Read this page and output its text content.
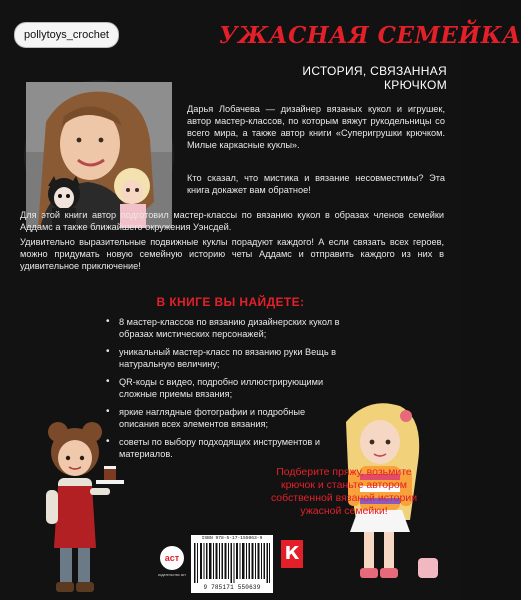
pollytoys_crochet	УЖАСНАЯ СЕМЕЙКА
ИСТОРИЯ, СВЯЗАННАЯ
КРЮЧКОМ

Дарья Лобачева — дизайнер вязаных кукол и игрушек, автор мастер-классов, по которым вяжут рукодельницы со всего мира, а также автор книги «Суперигрушки крючком. Милые каркасные куклы».

Кто сказал, что мистика и вязание несовместимы? Эта книга докажет вам обратное!

Для этой книги автор подготовил мастер-классы по вязанию кукол в образах членов семейки Аддамс а также ближайшего окружения Уэнсдей.

Удивительно выразительные подвижные куклы порадуют каждого! А если связать всех героев, можно придумать новую семейную историю четы Аддамс и отправить каждого из них в удивительное приключение!

В КНИГЕ ВЫ НАЙДЕТЕ:
• 8 мастер-классов по вязанию дизайнерских кукол в образах мистических персонажей;
• уникальный мастер-класс по вязанию руки Вещь в натуральную величину;
• QR-коды с видео, подробно иллюстрирующими сложные приемы вязания;
• яркие наглядные фотографии и подробные описания всех элементов вязания;
• советы по выбору подходящих инструментов и материалов.
Подберите пряжу, возьмите крючок и станьте автором собственной вязаной истории ужасной семейки!
аст
издательство аст
ISBN 978-5-17-155063-9
9 785171 550639
К
